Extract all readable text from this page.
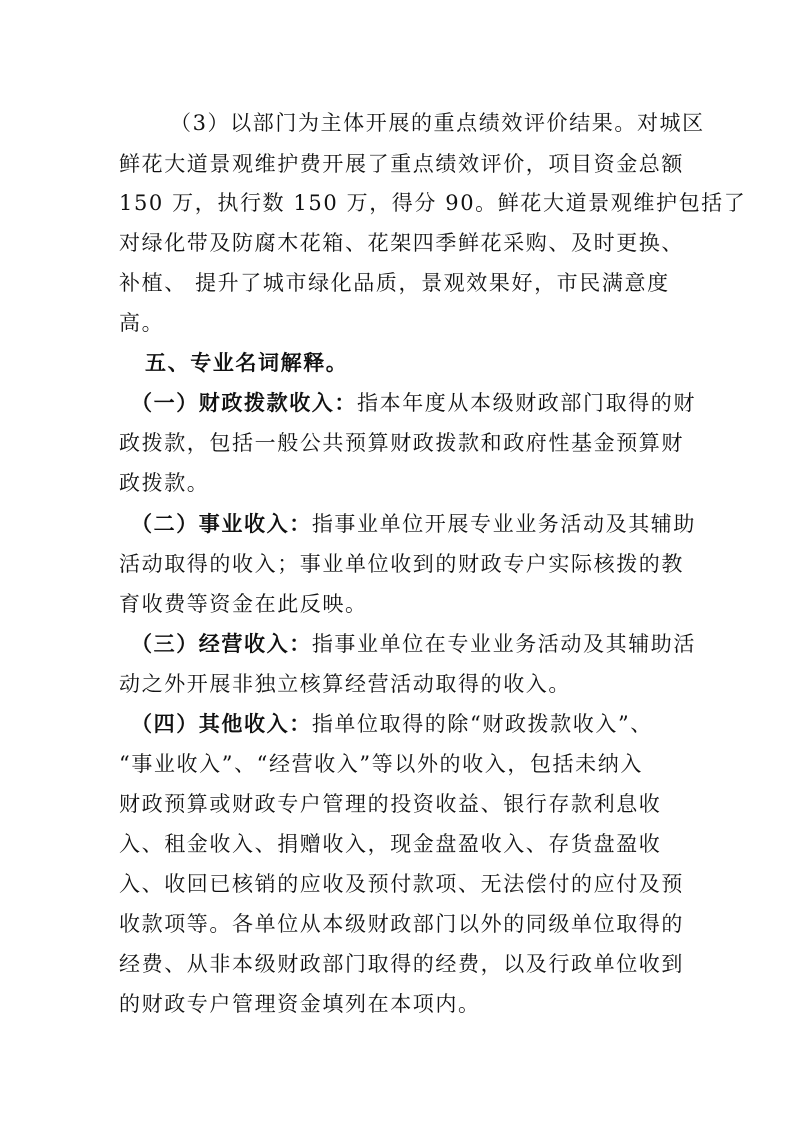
（3）以部门为主体开展的重点绩效评价结果。对城区
鲜花大道景观维护费开展了重点绩效评价，项目资金总额
150 万，执行数 150 万，得分 90。鲜花大道景观维护包括了
对绿化带及防腐木花箱、花架四季鲜花采购、及时更换、
补植、 提升了城市绿化品质，景观效果好，市民满意度
高。
五、专业名词解释。
（一）财政拨款收入：指本年度从本级财政部门取得的财
政拨款，包括一般公共预算财政拨款和政府性基金预算财
政拨款。
（二）事业收入：指事业单位开展专业业务活动及其辅助
活动取得的收入；事业单位收到的财政专户实际核拨的教
育收费等资金在此反映。
（三）经营收入：指事业单位在专业业务活动及其辅助活
动之外开展非独立核算经营活动取得的收入。
（四）其他收入：指单位取得的除“财政拨款收入”、
“事业收入”、“经营收入”等以外的收入，包括未纳入
财政预算或财政专户管理的投资收益、银行存款利息收
入、租金收入、捐赠收入，现金盘盈收入、存货盘盈收
入、收回已核销的应收及预付款项、无法偿付的应付及预
收款项等。各单位从本级财政部门以外的同级单位取得的
经费、从非本级财政部门取得的经费，以及行政单位收到
的财政专户管理资金填列在本项内。
